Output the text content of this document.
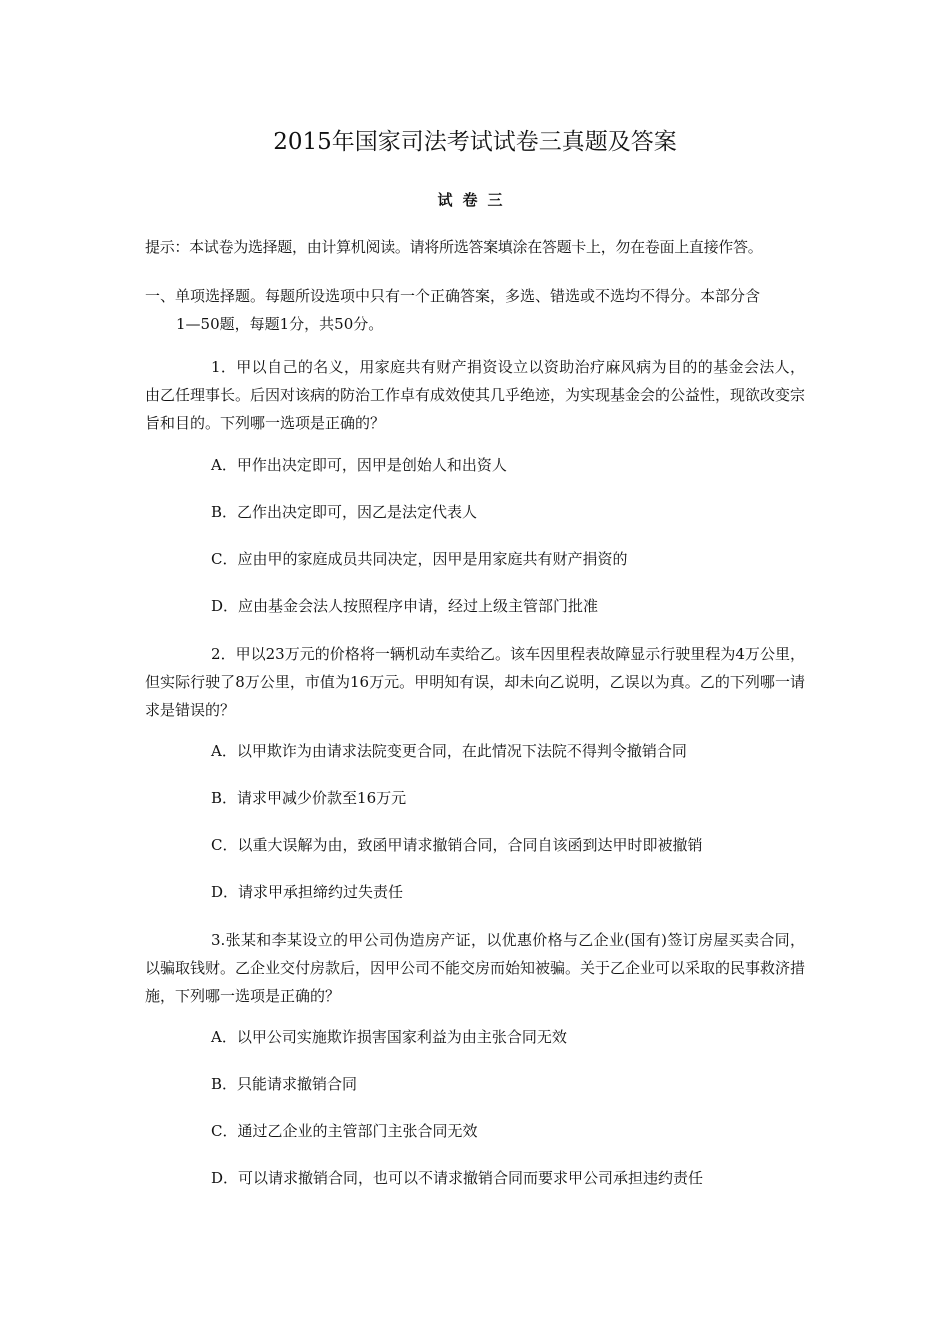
2015年国家司法考试试卷三真题及答案
试卷三
提示：本试卷为选择题，由计算机阅读。请将所选答案填涂在答题卡上，勿在卷面上直接作答。
一、单项选择题。每题所设选项中只有一个正确答案，多选、错选或不选均不得分。本部分含
1—50题，每题1分，共50分。
1．甲以自己的名义，用家庭共有财产捐资设立以资助治疗麻风病为目的的基金会法人，由乙任理事长。后因对该病的防治工作卓有成效使其几乎绝迹，为实现基金会的公益性，现欲改变宗旨和目的。下列哪一选项是正确的？
A．甲作出决定即可，因甲是创始人和出资人
B．乙作出决定即可，因乙是法定代表人
C．应由甲的家庭成员共同决定，因甲是用家庭共有财产捐资的
D．应由基金会法人按照程序申请，经过上级主管部门批准
2．甲以23万元的价格将一辆机动车卖给乙。该车因里程表故障显示行驶里程为4万公里，但实际行驶了8万公里，市值为16万元。甲明知有误，却未向乙说明，乙误以为真。乙的下列哪一请求是错误的？
A．以甲欺诈为由请求法院变更合同，在此情况下法院不得判令撤销合同
B．请求甲减少价款至16万元
C．以重大误解为由，致函甲请求撤销合同，合同自该函到达甲时即被撤销
D．请求甲承担缔约过失责任
3.张某和李某设立的甲公司伪造房产证，以优惠价格与乙企业(国有)签订房屋买卖合同，以骗取钱财。乙企业交付房款后，因甲公司不能交房而始知被骗。关于乙企业可以采取的民事救济措施，下列哪一选项是正确的？
A．以甲公司实施欺诈损害国家利益为由主张合同无效
B．只能请求撤销合同
C．通过乙企业的主管部门主张合同无效
D．可以请求撤销合同，也可以不请求撤销合同而要求甲公司承担违约责任
